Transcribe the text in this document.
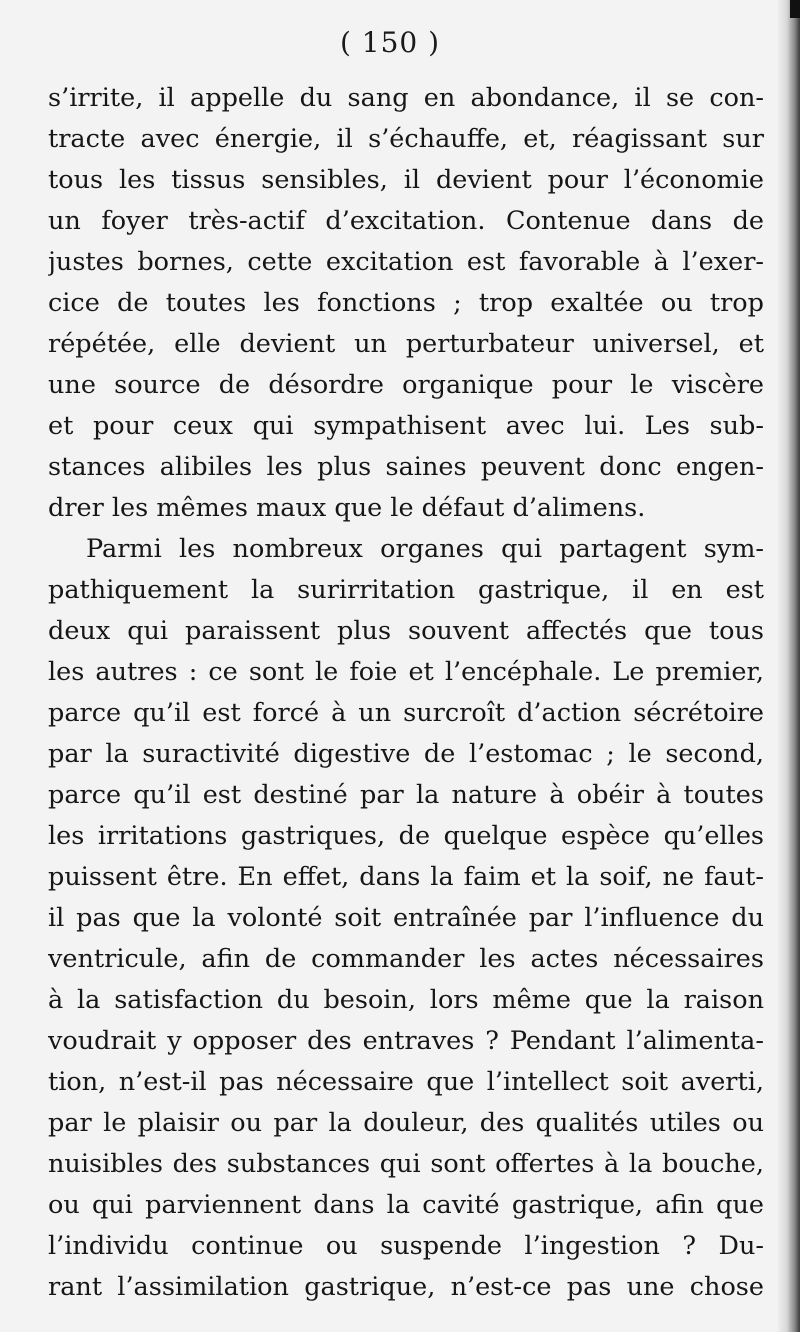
( 150 )
s’irrite, il appelle du sang en abondance, il se con-
tracte avec énergie, il s’échauffe, et, réagissant sur
tous les tissus sensibles, il devient pour l’économie
un foyer très-actif d’excitation. Contenue dans de
justes bornes, cette excitation est favorable à l’exer-
cice de toutes les fonctions ; trop exaltée ou trop
répétée, elle devient un perturbateur universel, et
une source de désordre organique pour le viscère
et pour ceux qui sympathisent avec lui. Les sub-
stances alibiles les plus saines peuvent donc engen-
drer les mêmes maux que le défaut d’alimens.
Parmi les nombreux organes qui partagent sym-
pathiquement la surirritation gastrique, il en est
deux qui paraissent plus souvent affectés que tous
les autres : ce sont le foie et l’encéphale. Le premier,
parce qu’il est forcé à un surcroît d’action sécrétoire
par la suractivité digestive de l’estomac ; le second,
parce qu’il est destiné par la nature à obéir à toutes
les irritations gastriques, de quelque espèce qu’elles
puissent être. En effet, dans la faim et la soif, ne faut-
il pas que la volonté soit entraînée par l’influence du
ventricule, afin de commander les actes nécessaires
à la satisfaction du besoin, lors même que la raison
voudrait y opposer des entraves ? Pendant l’alimenta-
tion, n’est-il pas nécessaire que l’intellect soit averti,
par le plaisir ou par la douleur, des qualités utiles ou
nuisibles des substances qui sont offertes à la bouche,
ou qui parviennent dans la cavité gastrique, afin que
l’individu continue ou suspende l’ingestion ? Du-
rant l’assimilation gastrique, n’est-ce pas une chose
